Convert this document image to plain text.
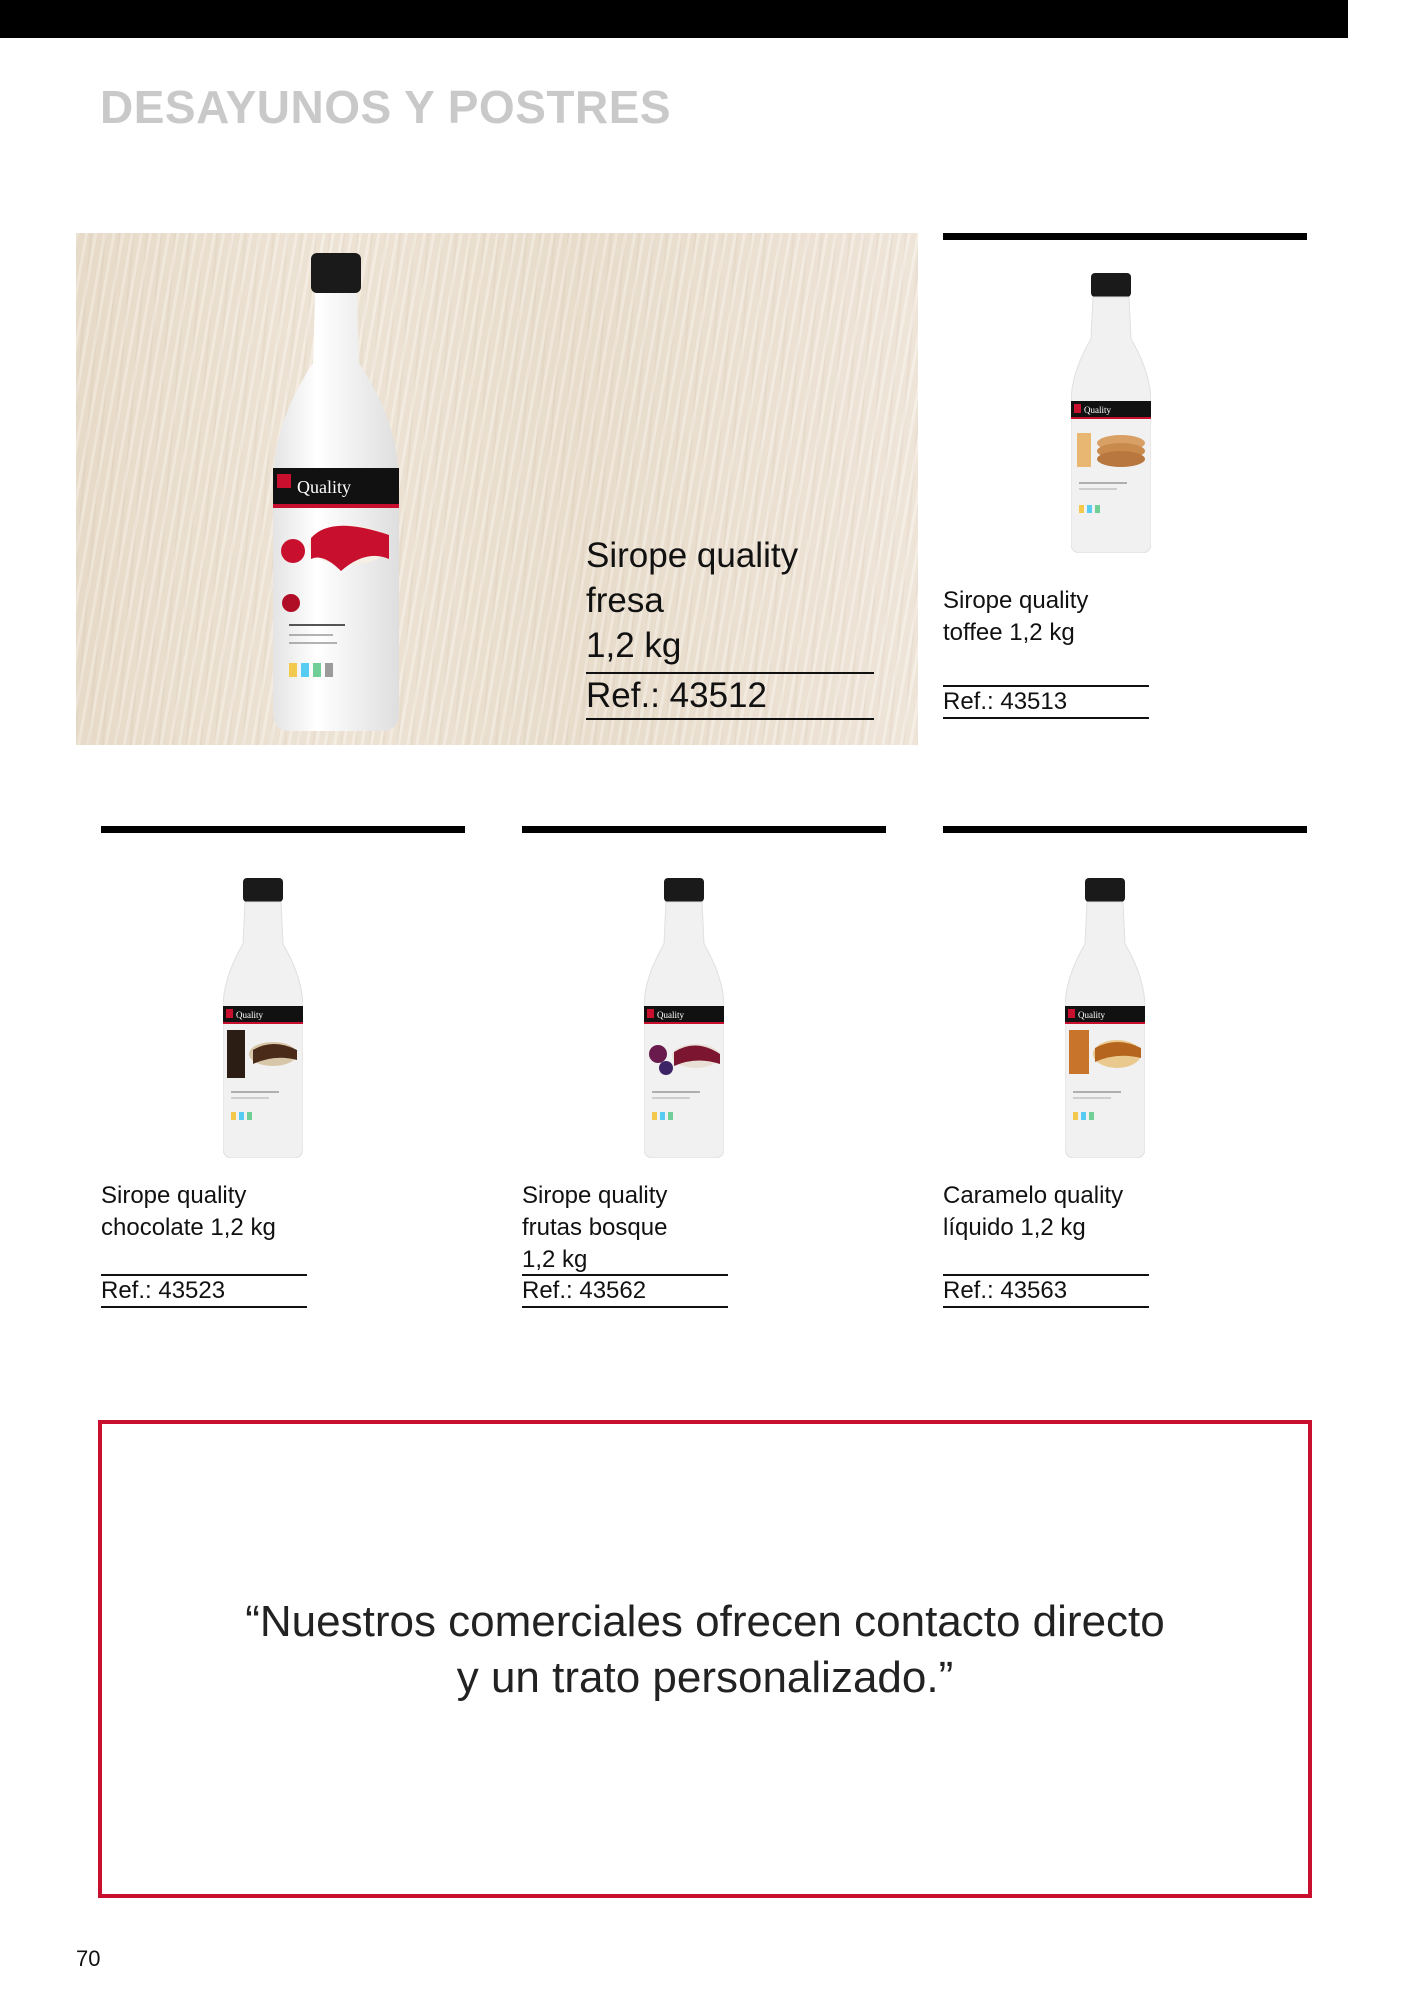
DESAYUNOS Y POSTRES
Quality
Sirope quality
fresa
1,2 kg
Ref.: 43512
Quality
Sirope quality
toffee 1,2 kg
Ref.: 43513
Quality
Sirope quality
chocolate 1,2 kg
Ref.: 43523
Quality
Sirope quality
frutas bosque
1,2 kg
Ref.: 43562
Quality
Caramelo quality
líquido 1,2 kg
Ref.: 43563
“Nuestros comerciales ofrecen contacto directo
y un trato personalizado.”
70
